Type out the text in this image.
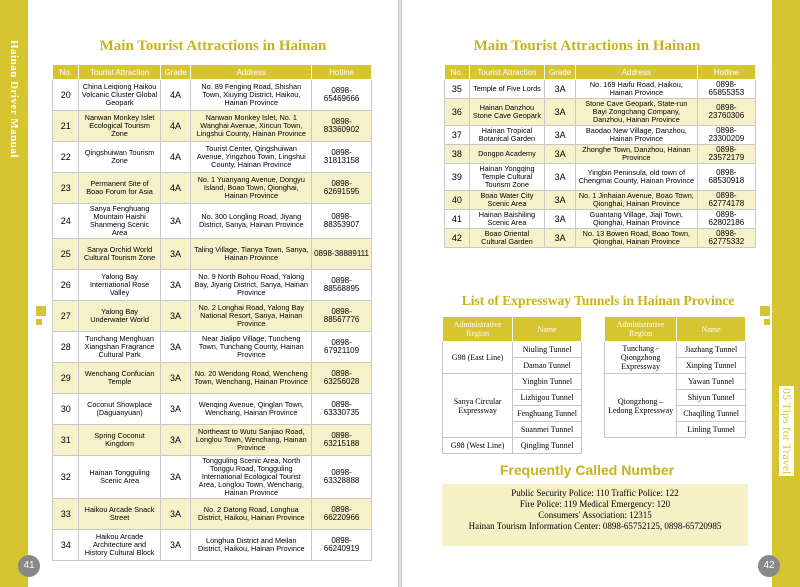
Hainan Driver Manual
41
Main Tourist Attractions in Hainan
No.	Tourist Attraction	Grade	Address	Hotline
20	China Leiqiong Haikou Volcanic Cluster Global Geopark	4A	No. 89 Fenging Road, Shishan Town, Xiuying District, Haikou, Hainan Province	0898-65469666
21	Nanwan Monkey Islet Ecological Tourism Zone	4A	Nanwan Monkey Islet, No. 1 Wanghai Avenue, Xincun Town, Lingshui County, Hainan Province	0898-83360902
22	Qingshuiwan Tourism Zone	4A	Tourist Center, Qingshuiwan Avenue, Yingzhou Town, Lingshui County, Hainan Province	0898-31813158
23	Permanent Site of Boao Forum for Asia	4A	No. 1 Yuanyang Avenue, Dongyu Island, Boao Town, Qionghai, Hainan Province	0898-62691595
24	Sanya Fenghuang Mountain Haishi Shanmeng Scenic Area	3A	No. 300 Longling Road, Jiyang District, Sanya, Hainan Province	0898-88353907
25	Sanya Orchid World Cultural Tourism Zone	3A	Taling Village, Tianya Town, Sanya, Hainan Province	0898-38889111
26	Yalong Bay International Rose Valley	3A	No. 9 North Bohou Road, Yalong Bay, Jiyang District, Sanya, Hainan Province	0898-88568895
27	Yalong Bay Underwater World	3A	No. 2 Longhai Road, Yalong Bay National Resort, Sanya, Hainan Province	0898-88567776
28	Tunchang Menghuan Xiangshan Fragrance Cultural Park	3A	Near Jialipo Village, Tuncheng Town, Tunchang County, Hainan Province	0898-67921109
29	Wenchang Confucian Temple	3A	No. 20 Wendong Road, Wencheng Town, Wenchang, Hainan Province	0898-63256028
30	Coconut Showplace (Daguanyuan)	3A	Wenqing Avenue, Qinglan Town, Wenchang, Hainan Province	0898-63330735
31	Spring Coconut Kingdom	3A	Northeast to Wutu Sanjiao Road, Longlou Town, Wenchang, Hainan Province	0898-63215188
32	Hainan Tongguling Scenic Area	3A	Tongguling Scenic Area, North Tonggu Road, Tongguling International Ecological Tourist Area, Longlou Town, Wenchang, Hainan Province	0898-63328888
33	Haikou Arcade Snack Street	3A	No. 2 Datong Road, Longhua District, Haikou, Hainan Province	0898-66220966
34	Haikou Arcade Architecture and History Cultural Block	3A	Longhua District and Meilan District, Haikou, Hainan Province	0898-66240919
05 Tips for Travel
42
Main Tourist Attractions in Hainan
No.	Tourist Attraction	Grade	Address	Hotline
35	Temple of Five Lords	3A	No. 169 Haifu Road, Haikou, Hainan Province	0898-65855353
36	Hainan Danzhou Stone Cave Geopark	3A	Stone Cave Geopark, State-run Bayi Zongchang Company, Danzhou, Hainan Province	0898-23760306
37	Hainan Tropical Botanical Garden	3A	Baodao New Village, Danzhou, Hainan Province	0898-23300209
38	Dongpo Academy	3A	Zhonghe Town, Danzhou, Hainan Province	0898-23572179
39	Hainan Yongqing Temple Cultural Tourism Zone	3A	Yingbin Peninsula, old town of Chengmai County, Hainan Province	0898-68530918
40	Boao Water City Scenic Area	3A	No. 1 Jinhaian Avenue, Boao Town, Qionghai, Hainan Province	0898-62774178
41	Hainan Baishiling Scenic Area	3A	Guantang Village, Jiaji Town, Qionghai, Hainan Province	0898-62802186
42	Boao Oriental Cultural Garden	3A	No. 13 Bowen Road, Boao Town, Qionghai, Hainan Province	0898-62775332
List of Expressway Tunnels in Hainan Province
Administrative Region	Name
G98 (East Line)	Niuling Tunnel
	Damao Tunnel
Sanya Circular Expressway	Yingbin Tunnel
	Lizhigou Tunnel
	Fenghuang Tunnel
	Suanmei Tunnel
G98 (West Line)	Qingling Tunnel
Administrative Region	Name
Tunchang - Qiongzhong Expressway	Jiazhang Tunnel
	Xinping Tunnel
Qiongzhong – Ledong Expressway	Yawan Tunnel
	Shiyun Tunnel
	Chaqiling Tunnel
	Linling Tunnel
Frequently Called Number
Public Security Police: 110 Traffic Police: 122
Fire Police: 119 Medical Emergency: 120
Consumers' Association: 12315
Hainan Tourism Information Center: 0898-65752125, 0898-65720985
